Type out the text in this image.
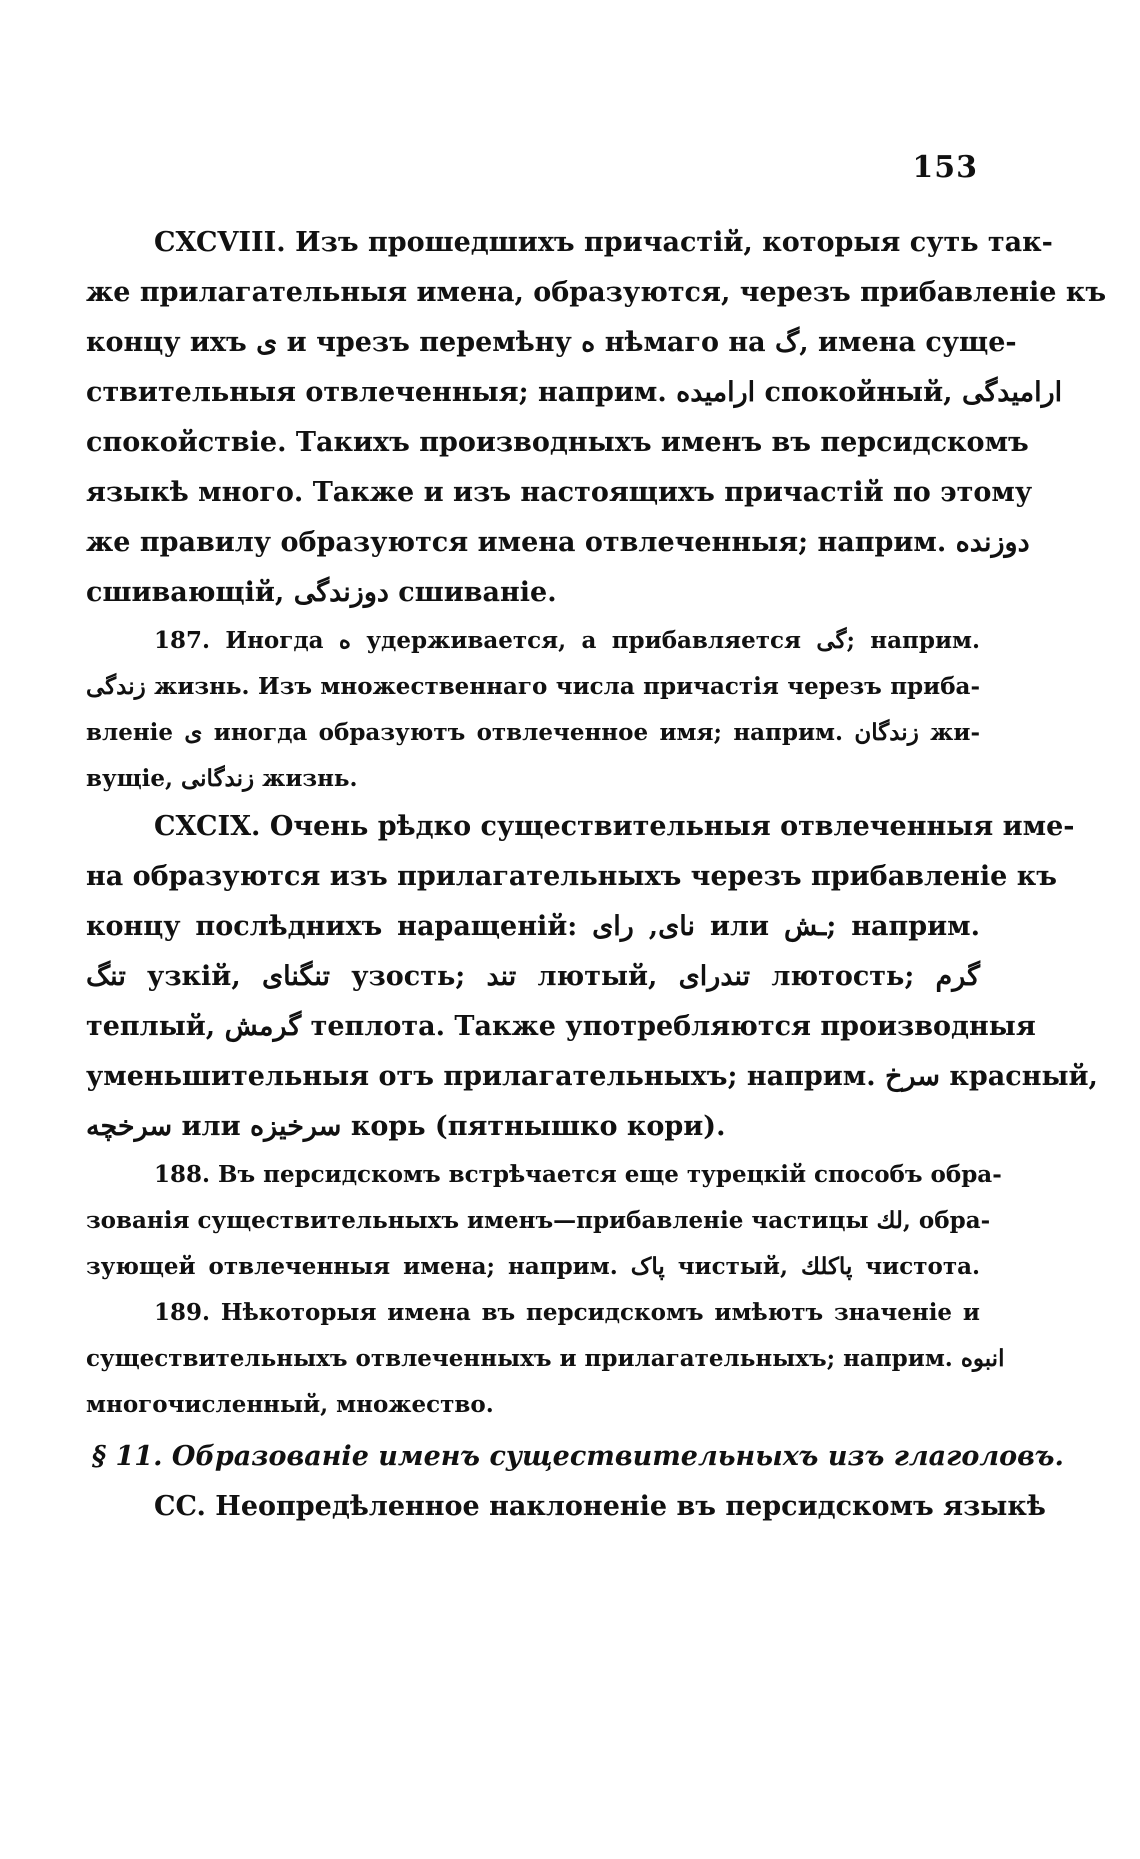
153
CXCVIII. Изъ прошедшихъ причастій, которыя суть так-
же прилагательныя имена, образуются, черезъ прибавленіе къ
концу ихъ ى и чрезъ перемѣну ه нѣмаго на گ, имена суще-
ствительныя отвлеченныя; наприм. ارامیده спокойный, ارامیدگی
спокойствіе. Такихъ производныхъ именъ въ персидскомъ
языкѣ много. Также и изъ настоящихъ причастій по этому
же правилу образуются имена отвлеченныя; наприм. دوزنده
сшивающій, دوزندگی сшиваніе.
187. Иногда ه удерживается, а прибавляется گی; наприм.
زندگی жизнь. Изъ множественнаго числа причастія черезъ приба-
вленіе ى иногда образуютъ отвлеченное имя; наприм. زندگان жи-
вущіе, زندگانی жизнь.
CXCIX. Очень рѣдко существительныя отвлеченныя име-
на образуются изъ прилагательныхъ черезъ прибавленіе къ
концу послѣднихъ наращеній: نای, رای или ـش; наприм.
تنگ узкій, تنگنای узость; تند лютый, تندرای лютость; گرم
теплый, گرمش теплота. Также употребляются производныя
уменьшительныя отъ прилагательныхъ; наприм. سرخ красный,
سرخچه или سرخیزه корь (пятнышко кори).
188. Въ персидскомъ встрѣчается еще турецкій способъ обра-
зованія существительныхъ именъ—прибавленіе частицы لك, обра-
зующей отвлеченныя имена; наприм. پاک чистый, پاکلك чистота.
189. Нѣкоторыя имена въ персидскомъ имѣютъ значеніе и
существительныхъ отвлеченныхъ и прилагательныхъ; наприм. انبوه
многочисленный, множество.
§ 11. Образованіе именъ существительныхъ изъ глаголовъ.
CC. Неопредѣленное наклоненіе въ персидскомъ языкѣ
